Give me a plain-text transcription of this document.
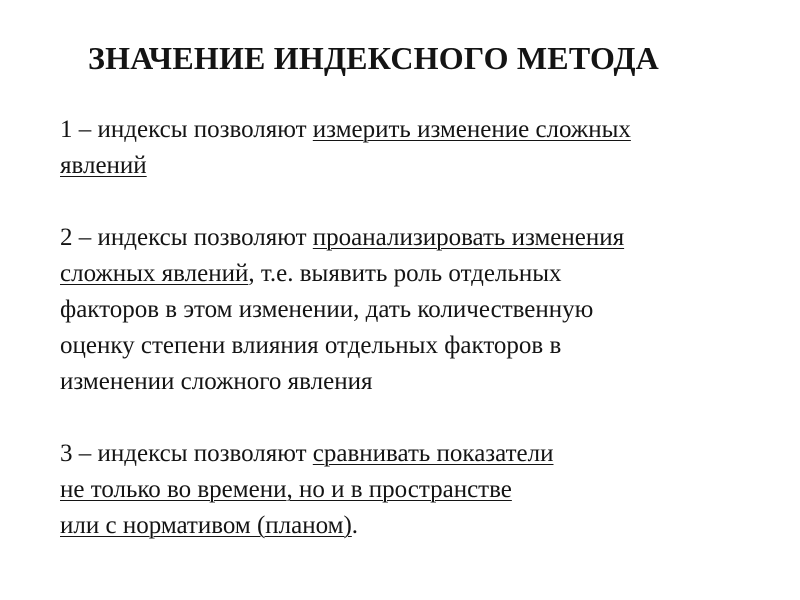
ЗНАЧЕНИЕ ИНДЕКСНОГО МЕТОДА
1 – индексы позволяют измерить изменение сложных
явлений
2 – индексы позволяют проанализировать изменения
сложных явлений, т.е. выявить роль отдельных
факторов в этом изменении, дать количественную
оценку степени влияния отдельных факторов в
изменении сложного явления
3 – индексы позволяют сравнивать показатели
не только во времени, но и в пространстве
или с нормативом (планом).
